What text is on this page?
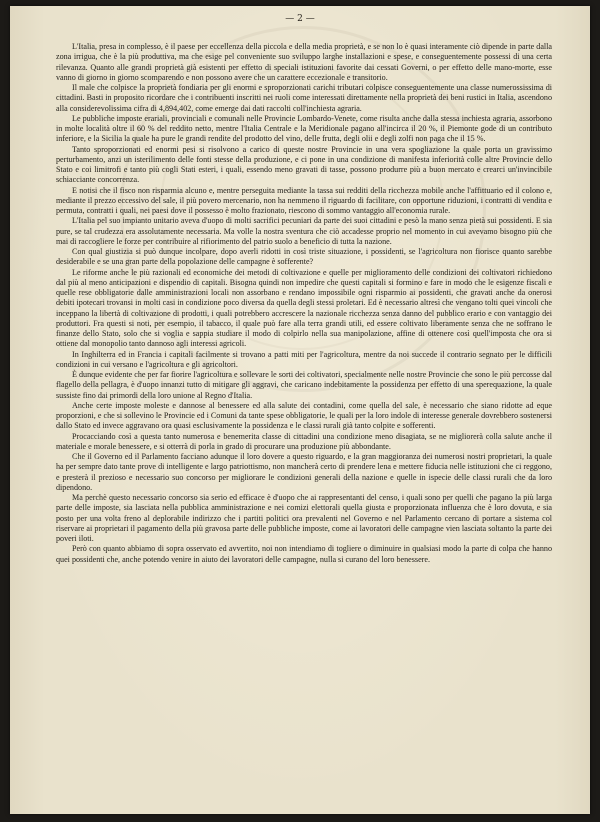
— 2 —

L'Italia, presa in complesso, è il paese per eccellenza della piccola e della media proprietà, e se non lo è quasi interamente ciò dipende in parte dalla zona irrigua, che è la più produttiva, ma che esige pel conveniente suo sviluppo larghe installazioni e spese, e conseguentemente possessi di una certa rilevanza. Quanto alle grandi proprietà già esistenti per effetto di speciali istituzioni favorite dai cessati Governi, o per effetto delle mano-morte, esse vanno di giorno in giorno scomparendo e non possono avere che un carattere eccezionale e transitorio.

Il male che colpisce la proprietà fondiaria per gli enormi e sproporzionati carichi tributari colpisce conseguentemente una classe numerossissima di cittadini. Basti in proposito ricordare che i contribuenti inscritti nei ruoli come interessati direttamente nella proprietà dei beni rustici in Italia, ascendono alla considerevolissima cifra di 4,894,402, come emerge dai dati raccolti coll'inchiesta agraria.

Le pubbliche imposte erariali, provinciali e comunali nelle Provincie Lombardo-Venete, come risulta anche dalla stessa inchiesta agraria, assorbono in molte località oltre il 60 % del reddito netto, mentre l'Italia Centrale e la Meridionale pagano all'incirca il 20 %, il Piemonte gode di un contributo inferiore, e la Sicilia la quale ha pure le grandi rendite del prodotto del vino, delle frutta, degli olii e degli zolfi non paga che il 15 %.

Tanto sproporzionati ed enormi pesi si risolvono a carico di queste nostre Provincie in una vera spogliazione la quale porta un gravissimo perturbamento, anzi un isterilimento delle fonti stesse della produzione, e ci pone in una condizione di manifesta inferiorità colle altre Provincie dello Stato e coi limitrofi e tanto più cogli Stati esteri, i quali, essendo meno gravati di tasse, possono produrre più a buon mercato e crearci un'invincibile schiacciante concorrenza.

E notisi che il fisco non risparmia alcuno e, mentre perseguita mediante la tassa sui redditi della ricchezza mobile anche l'affittuario ed il colono e, mediante il prezzo eccessivo del sale, il più povero mercenario, non ha nemmeno il riguardo di facilitare, con opportune riduzioni, i contratti di vendita e permuta, contratti i quali, nei paesi dove il possesso è molto frazionato, riescono di sommo vantaggio all'economia rurale.

L'Italia pel suo impianto unitario aveva d'uopo di molti sacrifici pecuniari da parte dei suoi cittadini e pesò la mano senza pietà sui possidenti. E sia pure, se tal crudezza era assolutamente necessaria. Ma volle la nostra sventura che ciò accadesse proprio nel momento in cui avevamo bisogno più che mai di raccogliere le forze per contribuire al rifiorimento del patrio suolo a beneficio di tutta la nazione.

Con qual giustizia si può dunque incolpare, dopo averli ridotti in così triste situazione, i possidenti, se l'agricoltura non fiorisce quanto sarebbe desiderabile e se una gran parte della popolazione delle campagne è sofferente?

Le riforme anche le più razionali ed economiche dei metodi di coltivazione e quelle per miglioramento delle condizioni dei coltivatori richiedono dal più al meno anticipazioni e dispendio di capitali. Bisogna quindi non impedire che questi capitali si formino e fare in modo che le esigenze fiscali e quelle rese obbligatorie dalle amministrazioni locali non assorbano e rendano impossibile ogni risparmio ai possidenti, che gravati anche da onerosi debiti ipotecari trovansi in molti casi in condizione poco diversa da quella degli stessi proletari. Ed è necessario altresì che vengano tolti quei vincoli che inceppano la libertà di coltivazione di prodotti, i quali potrebbero accrescere la nazionale ricchezza senza danno del pubblico erario e con vantaggio dei produttori. Fra questi si noti, per esempio, il tabacco, il quale può fare alla terra grandi utili, ed essere coltivato liberamente senza che ne soffrano le finanze dello Stato, solo che si voglia e sappia studiare il modo di colpirlo nella sua manipolazione, affine di ottenere così quell'imposta che ora si ottiene dal monopolio tanto dannoso agli interessi agricoli.

In Inghilterra ed in Francia i capitali facilmente si trovano a patti miti per l'agricoltura, mentre da noi succede il contrario segnato per le difficili condizioni in cui versano e l'agricoltura e gli agricoltori.

È dunque evidente che per far fiorire l'agricoltura e sollevare le sorti dei coltivatori, specialmente nelle nostre Provincie che sono le più percosse dal flagello della pellagra, è d'uopo innanzi tutto di mitigare gli aggravi, che caricano indebitamente la possidenza per effetto di una sperequazione, la quale sussiste fino dai primordi della loro unione al Regno d'Italia.

Anche certe imposte moleste e dannose al benessere ed alla salute dei contadini, come quella del sale, è necessario che siano ridotte ad eque proporzioni, e che si sollevino le Provincie ed i Comuni da tante spese obbligatorie, le quali per la loro indole di interesse generale dovrebbero sostenersi dallo Stato ed invece aggravano ora quasi esclusivamente la possidenza e le classi rurali già tanto colpite e sofferenti.

Procacciando così a questa tanto numerosa e benemerita classe di cittadini una condizione meno disagiata, se ne migliorerà colla salute anche il materiale e morale benessere, e si otterrà di porla in grado di procurare una produzione più abbondante.

Che il Governo ed il Parlamento facciano adunque il loro dovere a questo riguardo, e la gran maggioranza dei numerosi nostri proprietari, la quale ha per sempre dato tante prove di intelligente e largo patriottismo, non mancherà certo di prendere lena e mettere fiducia nelle istituzioni che ci reggono, e presterà il prezioso e necessario suo concorso per migliorare le condizioni generali della nazione e quelle in ispecie delle classi rurali che da loro dipendono.

Ma perchè questo necessario concorso sia serio ed efficace è d'uopo che ai rappresentanti del censo, i quali sono per quelli che pagano la più larga parte delle imposte, sia lasciata nella pubblica amministrazione e nei comizi elettorali quella giusta e proporzionata influenza che è loro dovuta, e sia posto per una volta freno al deplorabile indirizzo che i partiti politici ora prevalenti nel Governo e nel Parlamento cercano di portare a sistema col riservare ai proprietari il pagamento della più gravosa parte delle pubbliche imposte, come ai lavoratori delle campagne vien lasciata soltanto la parte dei poveri iloti.

Però con quanto abbiamo di sopra osservato ed avvertito, noi non intendiamo di togliere o diminuire in qualsiasi modo la parte di colpa che hanno quei possidenti che, anche potendo venire in aiuto dei lavoratori delle campagne, nulla si curano del loro benessere.
